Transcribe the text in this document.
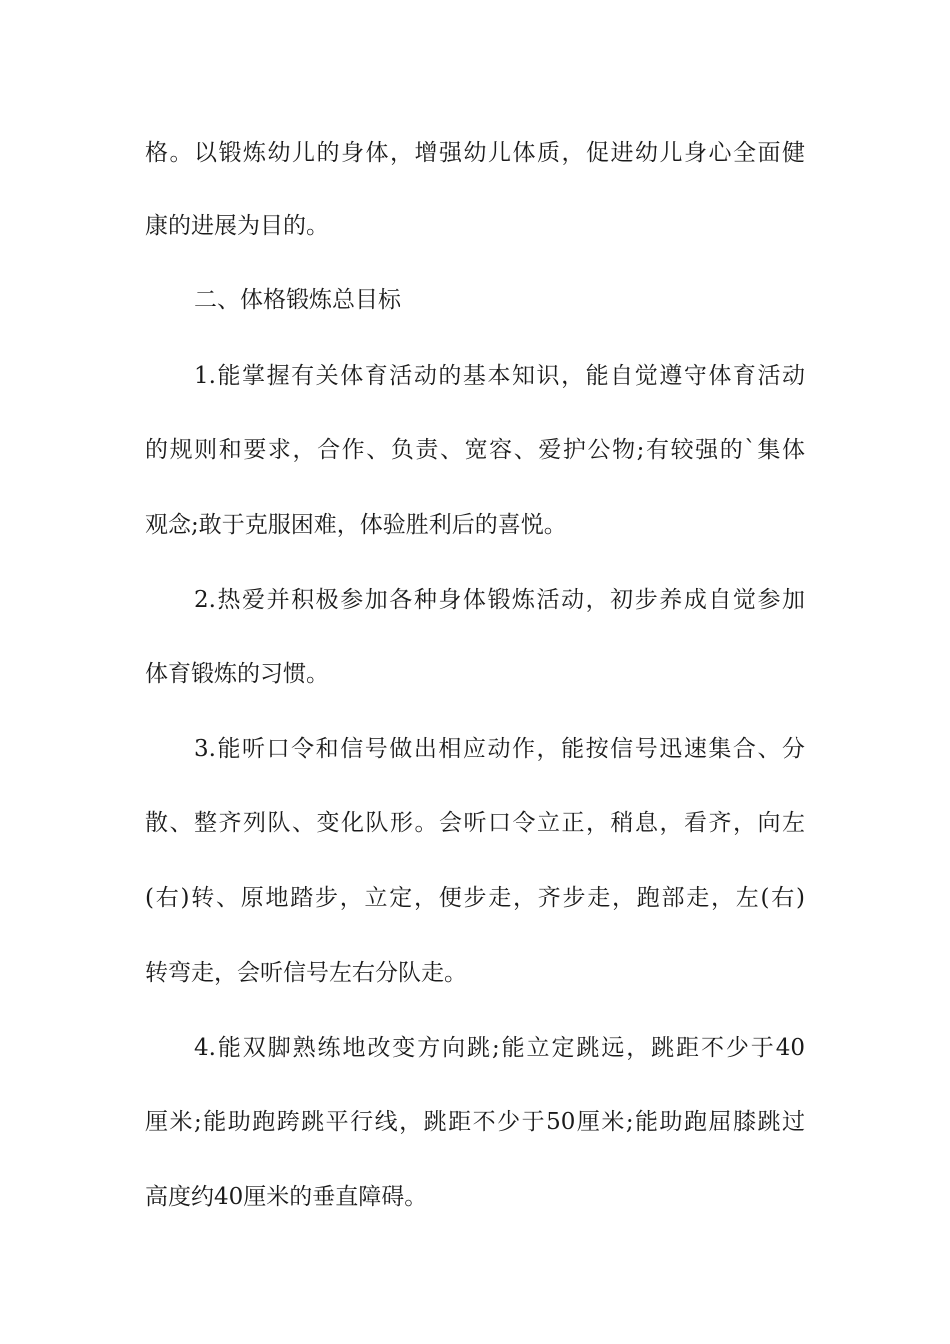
格。以锻炼幼儿的身体，增强幼儿体质，促进幼儿身心全面健

康的进展为目的。

二、体格锻炼总目标

1.能掌握有关体育活动的基本知识，能自觉遵守体育活动

的规则和要求，合作、负责、宽容、爱护公物;有较强的`集体

观念;敢于克服困难，体验胜利后的喜悦。

2.热爱并积极参加各种身体锻炼活动，初步养成自觉参加

体育锻炼的习惯。

3.能听口令和信号做出相应动作，能按信号迅速集合、分

散、整齐列队、变化队形。会听口令立正，稍息，看齐，向左

(右)转、原地踏步，立定，便步走，齐步走，跑部走，左(右)

转弯走，会听信号左右分队走。

4.能双脚熟练地改变方向跳;能立定跳远，跳距不少于40

厘米;能助跑跨跳平行线，跳距不少于50厘米;能助跑屈膝跳过

高度约40厘米的垂直障碍。
